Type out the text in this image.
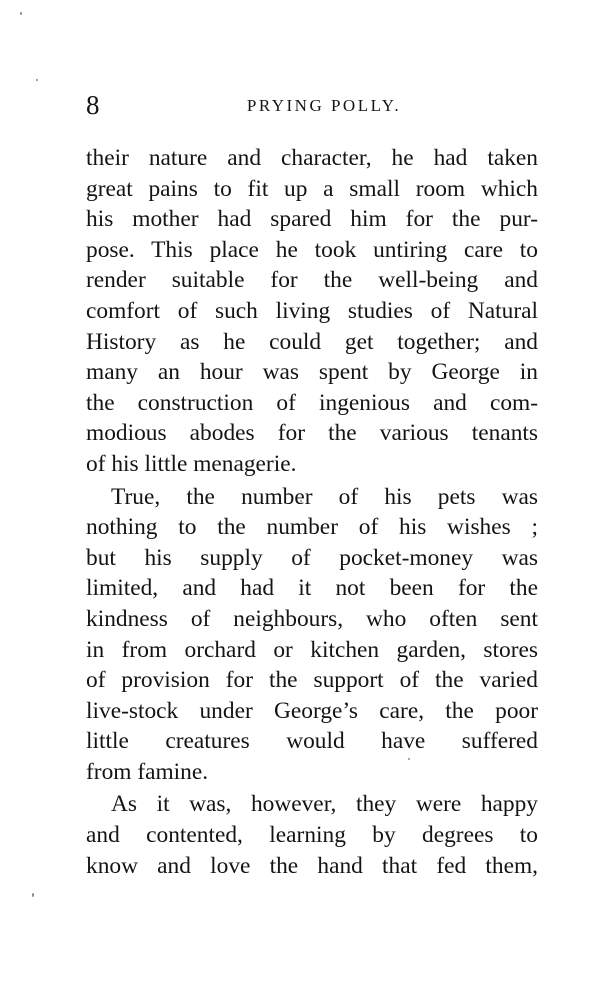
8	PRYING POLLY.
their nature and character, he had taken
great pains to fit up a small room which
his mother had spared him for the pur-
pose. This place he took untiring care to
render suitable for the well-being and
comfort of such living studies of Natural
History as he could get together; and
many an hour was spent by George in
the construction of ingenious and com-
modious abodes for the various tenants
of his little menagerie.
True, the number of his pets was
nothing to the number of his wishes ;
but his supply of pocket-money was
limited, and had it not been for the
kindness of neighbours, who often sent
in from orchard or kitchen garden, stores
of provision for the support of the varied
live-stock under George’s care, the poor
little creatures would have suffered
from famine.
As it was, however, they were happy
and contented, learning by degrees to
know and love the hand that fed them,
